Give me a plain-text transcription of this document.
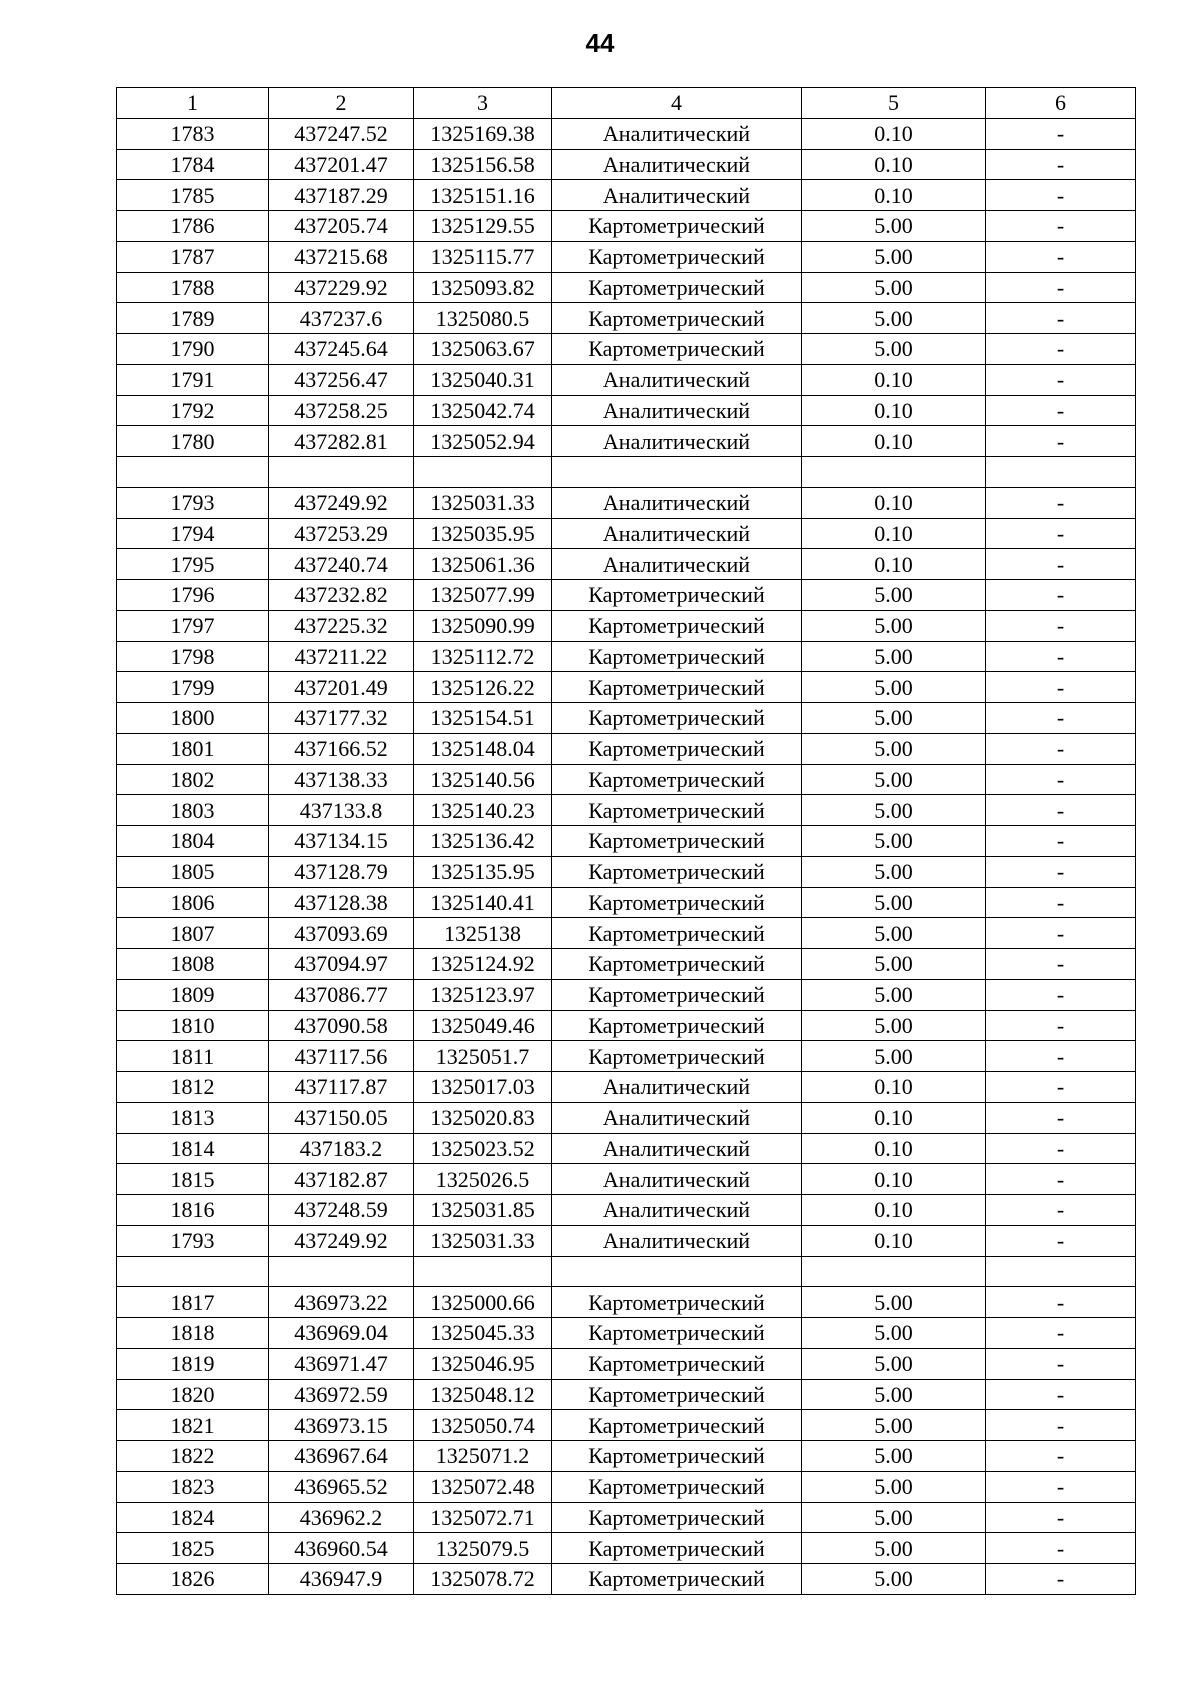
44
1	2	3	4	5	6
1783	437247.52	1325169.38	Аналитический	0.10	-
1784	437201.47	1325156.58	Аналитический	0.10	-
1785	437187.29	1325151.16	Аналитический	0.10	-
1786	437205.74	1325129.55	Картометрический	5.00	-
1787	437215.68	1325115.77	Картометрический	5.00	-
1788	437229.92	1325093.82	Картометрический	5.00	-
1789	437237.6	1325080.5	Картометрический	5.00	-
1790	437245.64	1325063.67	Картометрический	5.00	-
1791	437256.47	1325040.31	Аналитический	0.10	-
1792	437258.25	1325042.74	Аналитический	0.10	-
1780	437282.81	1325052.94	Аналитический	0.10	-

1793	437249.92	1325031.33	Аналитический	0.10	-
1794	437253.29	1325035.95	Аналитический	0.10	-
1795	437240.74	1325061.36	Аналитический	0.10	-
1796	437232.82	1325077.99	Картометрический	5.00	-
1797	437225.32	1325090.99	Картометрический	5.00	-
1798	437211.22	1325112.72	Картометрический	5.00	-
1799	437201.49	1325126.22	Картометрический	5.00	-
1800	437177.32	1325154.51	Картометрический	5.00	-
1801	437166.52	1325148.04	Картометрический	5.00	-
1802	437138.33	1325140.56	Картометрический	5.00	-
1803	437133.8	1325140.23	Картометрический	5.00	-
1804	437134.15	1325136.42	Картометрический	5.00	-
1805	437128.79	1325135.95	Картометрический	5.00	-
1806	437128.38	1325140.41	Картометрический	5.00	-
1807	437093.69	1325138	Картометрический	5.00	-
1808	437094.97	1325124.92	Картометрический	5.00	-
1809	437086.77	1325123.97	Картометрический	5.00	-
1810	437090.58	1325049.46	Картометрический	5.00	-
1811	437117.56	1325051.7	Картометрический	5.00	-
1812	437117.87	1325017.03	Аналитический	0.10	-
1813	437150.05	1325020.83	Аналитический	0.10	-
1814	437183.2	1325023.52	Аналитический	0.10	-
1815	437182.87	1325026.5	Аналитический	0.10	-
1816	437248.59	1325031.85	Аналитический	0.10	-
1793	437249.92	1325031.33	Аналитический	0.10	-

1817	436973.22	1325000.66	Картометрический	5.00	-
1818	436969.04	1325045.33	Картометрический	5.00	-
1819	436971.47	1325046.95	Картометрический	5.00	-
1820	436972.59	1325048.12	Картометрический	5.00	-
1821	436973.15	1325050.74	Картометрический	5.00	-
1822	436967.64	1325071.2	Картометрический	5.00	-
1823	436965.52	1325072.48	Картометрический	5.00	-
1824	436962.2	1325072.71	Картометрический	5.00	-
1825	436960.54	1325079.5	Картометрический	5.00	-
1826	436947.9	1325078.72	Картометрический	5.00	-
